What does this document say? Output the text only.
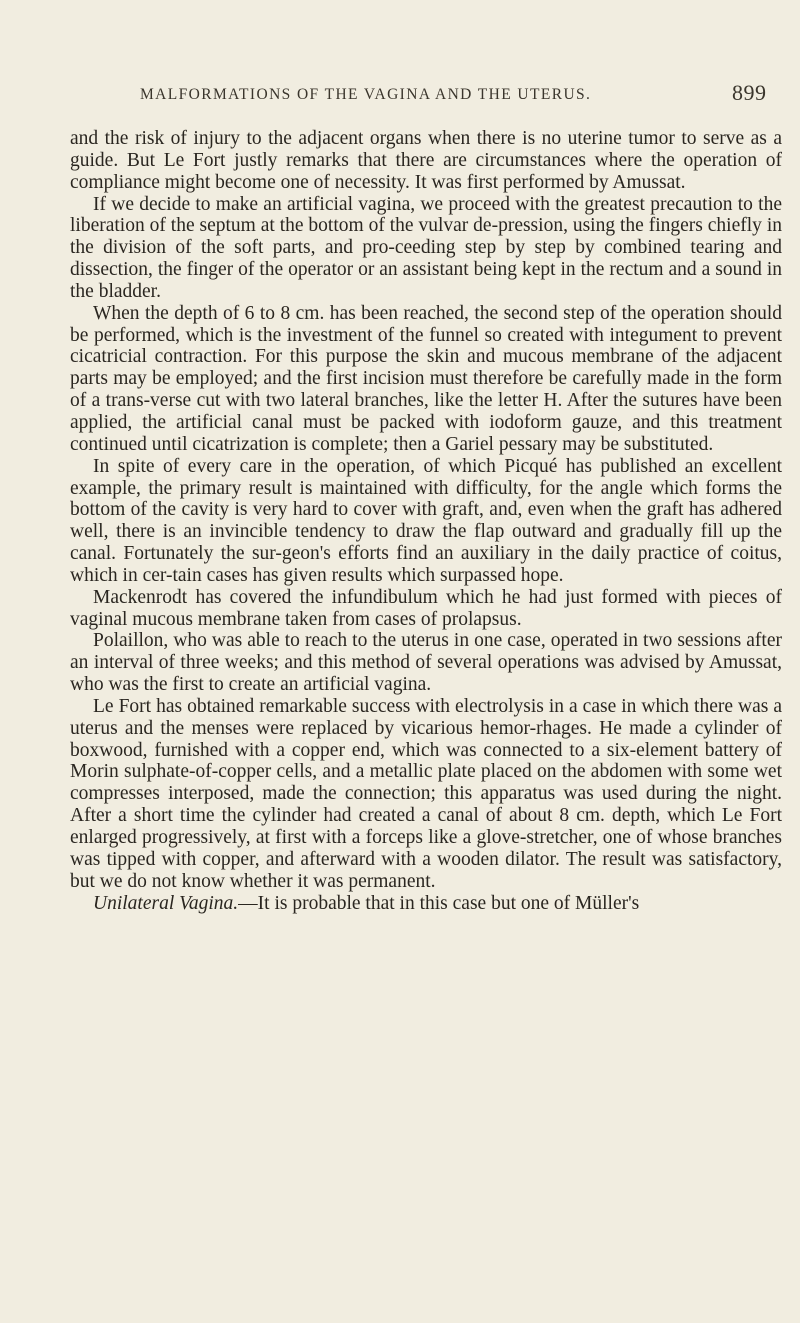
MALFORMATIONS OF THE VAGINA AND THE UTERUS.	899

and the risk of injury to the adjacent organs when there is no uterine tumor to serve as a guide. But Le Fort justly remarks that there are circumstances where the operation of compliance might become one of necessity. It was first performed by Amussat.

If we decide to make an artificial vagina, we proceed with the greatest precaution to the liberation of the septum at the bottom of the vulvar de-pression, using the fingers chiefly in the division of the soft parts, and pro-ceeding step by step by combined tearing and dissection, the finger of the operator or an assistant being kept in the rectum and a sound in the bladder.

When the depth of 6 to 8 cm. has been reached, the second step of the operation should be performed, which is the investment of the funnel so created with integument to prevent cicatricial contraction. For this purpose the skin and mucous membrane of the adjacent parts may be employed; and the first incision must therefore be carefully made in the form of a trans-verse cut with two lateral branches, like the letter H. After the sutures have been applied, the artificial canal must be packed with iodoform gauze, and this treatment continued until cicatrization is complete; then a Gariel pessary may be substituted.

In spite of every care in the operation, of which Picqué has published an excellent example, the primary result is maintained with difficulty, for the angle which forms the bottom of the cavity is very hard to cover with graft, and, even when the graft has adhered well, there is an invincible tendency to draw the flap outward and gradually fill up the canal. Fortunately the sur-geon's efforts find an auxiliary in the daily practice of coitus, which in cer-tain cases has given results which surpassed hope.

Mackenrodt has covered the infundibulum which he had just formed with pieces of vaginal mucous membrane taken from cases of prolapsus.

Polaillon, who was able to reach to the uterus in one case, operated in two sessions after an interval of three weeks; and this method of several operations was advised by Amussat, who was the first to create an artificial vagina.

Le Fort has obtained remarkable success with electrolysis in a case in which there was a uterus and the menses were replaced by vicarious hemor-rhages. He made a cylinder of boxwood, furnished with a copper end, which was connected to a six-element battery of Morin sulphate-of-copper cells, and a metallic plate placed on the abdomen with some wet compresses interposed, made the connection; this apparatus was used during the night. After a short time the cylinder had created a canal of about 8 cm. depth, which Le Fort enlarged progressively, at first with a forceps like a glove-stretcher, one of whose branches was tipped with copper, and afterward with a wooden dilator. The result was satisfactory, but we do not know whether it was permanent.

Unilateral Vagina.—It is probable that in this case but one of Müller's
